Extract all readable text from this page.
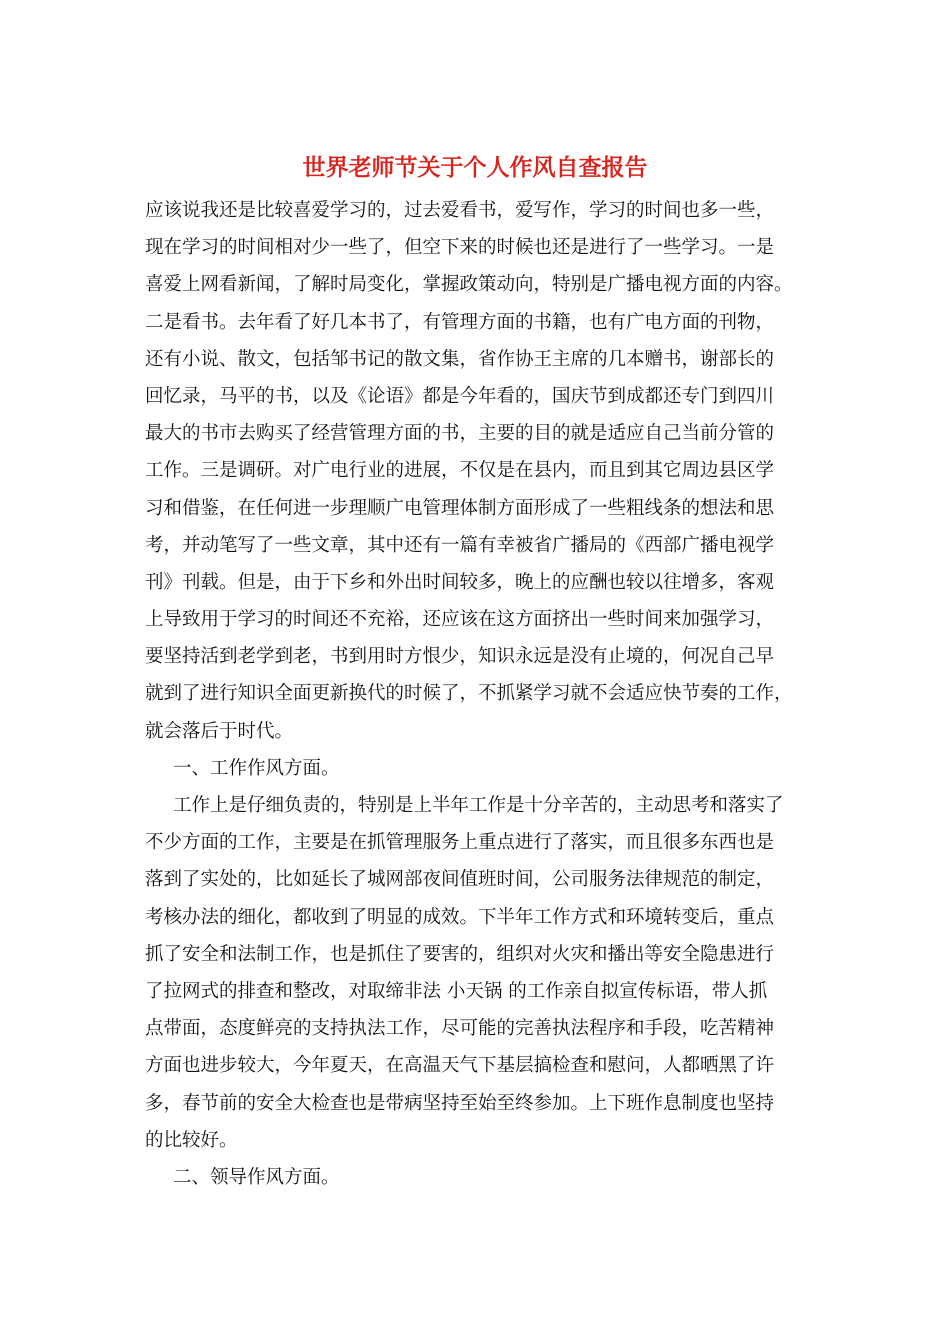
世界老师节关于个人作风自查报告
应该说我还是比较喜爱学习的，过去爱看书，爱写作，学习的时间也多一些，
现在学习的时间相对少一些了，但空下来的时候也还是进行了一些学习。一是
喜爱上网看新闻，了解时局变化，掌握政策动向，特别是广播电视方面的内容。
二是看书。去年看了好几本书了，有管理方面的书籍，也有广电方面的刊物，
还有小说、散文，包括邹书记的散文集，省作协王主席的几本赠书，谢部长的
回忆录，马平的书，以及《论语》都是今年看的，国庆节到成都还专门到四川
最大的书市去购买了经营管理方面的书，主要的目的就是适应自己当前分管的
工作。三是调研。对广电行业的进展，不仅是在县内，而且到其它周边县区学
习和借鉴，在任何进一步理顺广电管理体制方面形成了一些粗线条的想法和思
考，并动笔写了一些文章，其中还有一篇有幸被省广播局的《西部广播电视学
刊》刊载。但是，由于下乡和外出时间较多，晚上的应酬也较以往增多，客观
上导致用于学习的时间还不充裕，还应该在这方面挤出一些时间来加强学习，
要坚持活到老学到老，书到用时方恨少，知识永远是没有止境的，何况自己早
就到了进行知识全面更新换代的时候了，不抓紧学习就不会适应快节奏的工作，
就会落后于时代。
一、工作作风方面。
工作上是仔细负责的，特别是上半年工作是十分辛苦的，主动思考和落实了
不少方面的工作，主要是在抓管理服务上重点进行了落实，而且很多东西也是
落到了实处的，比如延长了城网部夜间值班时间，公司服务法律规范的制定，
考核办法的细化，都收到了明显的成效。下半年工作方式和环境转变后，重点
抓了安全和法制工作，也是抓住了要害的，组织对火灾和播出等安全隐患进行
了拉网式的排查和整改，对取缔非法 小天锅 的工作亲自拟宣传标语，带人抓
点带面，态度鲜亮的支持执法工作，尽可能的完善执法程序和手段，吃苦精神
方面也进步较大，今年夏天，在高温天气下基层搞检查和慰问，人都晒黑了许
多，春节前的安全大检查也是带病坚持至始至终参加。上下班作息制度也坚持
的比较好。
二、领导作风方面。
